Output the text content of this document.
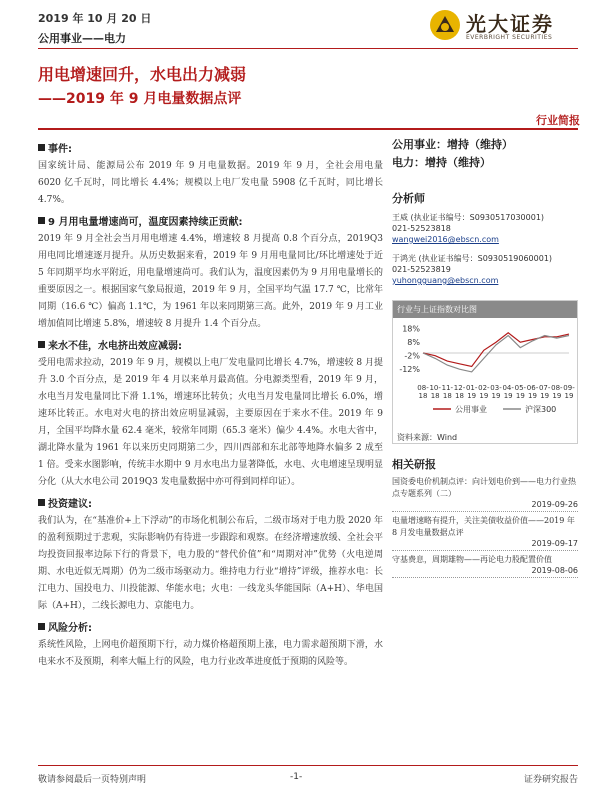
2019 年 10 月 20 日
公用事业——电力
光大证券
EVERBRIGHT SECURITIES
用电增速回升，水电出力减弱
——2019 年 9 月电量数据点评
行业简报
事件:
国家统计局、能源局公布 2019 年 9 月电量数据。2019 年 9 月，全社会用电量 6020 亿千瓦时，同比增长 4.4%；规模以上电厂发电量 5908 亿千瓦时，同比增长 4.7%。
9 月用电量增速尚可，温度因素持续正贡献:
2019 年 9 月全社会当月用电增速 4.4%，增速较 8 月提高 0.8 个百分点，2019Q3 用电同比增速逐月提升。从历史数据来看，2019 年 9 月用电量同比/环比增速处于近 5 年同期平均水平附近，用电量增速尚可。我们认为，温度因素仍为 9 月用电量增长的重要原因之一。根据国家气象局报道，2019 年 9 月，全国平均气温 17.7 ℃，比常年同期（16.6 ℃）偏高 1.1℃，为 1961 年以来同期第三高。此外，2019 年 9 月工业增加值同比增速 5.8%，增速较 8 月提升 1.4 个百分点。
来水不佳，水电挤出效应减弱:
受用电需求拉动，2019 年 9 月，规模以上电厂发电量同比增长 4.7%，增速较 8 月提升 3.0 个百分点，是 2019 年 4 月以来单月最高值。分电源类型看，2019 年 9 月，水电当月发电量同比下滑 1.1%，增速环比转负；火电当月发电量同比增长 6.0%，增速环比转正。水电对火电的挤出效应明显减弱，主要原因在于来水不佳。2019 年 9 月，全国平均降水量 62.4 毫米，较常年同期（65.3 毫米）偏少 4.4%。水电大省中，湖北降水量为 1961 年以来历史同期第二少，四川西部和东北部等地降水偏多 2 成至 1 倍。受来水图影响，传统丰水期中 9 月水电出力显著降低，水电、火电增速呈现明显分化（从大水电公司 2019Q3 发电量数据中亦可得到同样印证）。
投资建议:
我们认为，在“基准价+上下浮动”的市场化机制公布后，二级市场对于电力股 2020 年的盈利预期过于悲观，实际影响仍有待进一步跟踪和观察。在经济增速放缓、全社会平均投资回报率边际下行的背景下，电力股的“替代价值”和“周期对冲”优势（火电逆周期、水电近似无周期）仍为二级市场驱动力。维持电力行业“增持”评级，推荐水电：长江电力、国投电力、川投能源、华能水电；火电：一线龙头华能国际（A+H）、华电国际（A+H），二线长源电力、京能电力。
风险分析:
系统性风险，上网电价超预期下行，动力煤价格超预期上涨，电力需求超预期下滑，水电来水不及预期，利率大幅上行的风险，电力行业改革进度低于预期的风险等。
公用事业：增持（维持）
电力：增持（维持）
分析师
王威 (执业证书编号：S0930517030001)
021-52523818
wangwei2016@ebscn.com
于鸿光 (执业证书编号：S0930519060001)
021-52523819
yuhongguang@ebscn.com
行业与上证指数对比图
18%
8%
-2%
-12%
08-
18
10-
18
11-
18
12-
18
01-
19
02-
19
03-
19
04-
19
05-
19
06-
19
07-
19
08-
19
09-
19
公用事业	沪深300
资料来源：Wind
相关研报
国资委电价机制点评：向计划电价到——电力行业热点专题系列（二）
2019-09-26
电量增速略有提升，关注美债收益价值——2019 年 8 月发电量数据点评
2019-09-17
守基费息，周期雄物——再论电力股配置价值
2019-08-06
敬请参阅最后一页特别声明	-1-	证券研究报告
